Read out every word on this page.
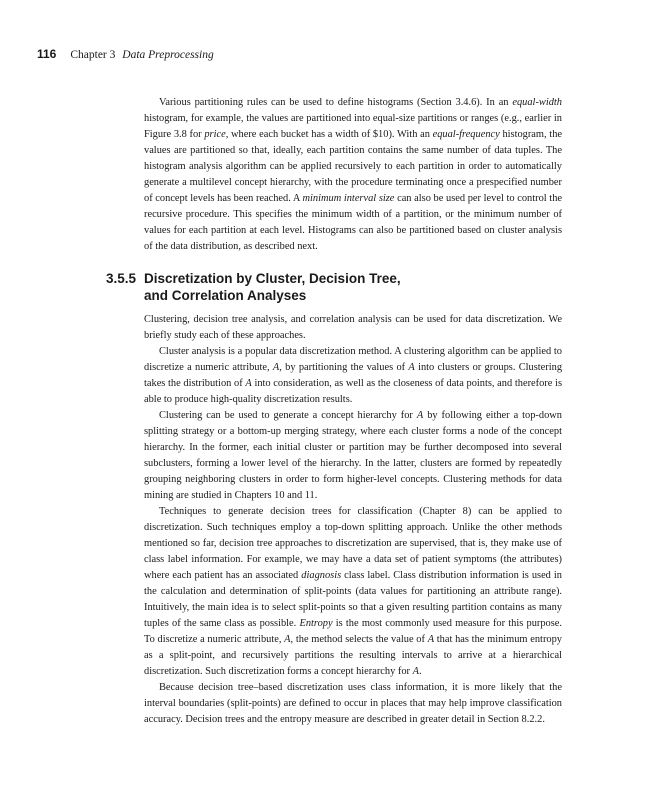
116 Chapter 3 Data Preprocessing

Various partitioning rules can be used to define histograms (Section 3.4.6). In an equal-width histogram, for example, the values are partitioned into equal-size partitions or ranges (e.g., earlier in Figure 3.8 for price, where each bucket has a width of $10). With an equal-frequency histogram, the values are partitioned so that, ideally, each partition contains the same number of data tuples. The histogram analysis algorithm can be applied recursively to each partition in order to automatically generate a multilevel concept hierarchy, with the procedure terminating once a prespecified number of concept levels has been reached. A minimum interval size can also be used per level to control the recursive procedure. This specifies the minimum width of a partition, or the minimum number of values for each partition at each level. Histograms can also be partitioned based on cluster analysis of the data distribution, as described next.

3.5.5 Discretization by Cluster, Decision Tree,
and Correlation Analyses

Clustering, decision tree analysis, and correlation analysis can be used for data discretization. We briefly study each of these approaches.

Cluster analysis is a popular data discretization method. A clustering algorithm can be applied to discretize a numeric attribute, A, by partitioning the values of A into clusters or groups. Clustering takes the distribution of A into consideration, as well as the closeness of data points, and therefore is able to produce high-quality discretization results.

Clustering can be used to generate a concept hierarchy for A by following either a top-down splitting strategy or a bottom-up merging strategy, where each cluster forms a node of the concept hierarchy. In the former, each initial cluster or partition may be further decomposed into several subclusters, forming a lower level of the hierarchy. In the latter, clusters are formed by repeatedly grouping neighboring clusters in order to form higher-level concepts. Clustering methods for data mining are studied in Chapters 10 and 11.

Techniques to generate decision trees for classification (Chapter 8) can be applied to discretization. Such techniques employ a top-down splitting approach. Unlike the other methods mentioned so far, decision tree approaches to discretization are supervised, that is, they make use of class label information. For example, we may have a data set of patient symptoms (the attributes) where each patient has an associated diagnosis class label. Class distribution information is used in the calculation and determination of split-points (data values for partitioning an attribute range). Intuitively, the main idea is to select split-points so that a given resulting partition contains as many tuples of the same class as possible. Entropy is the most commonly used measure for this purpose. To discretize a numeric attribute, A, the method selects the value of A that has the minimum entropy as a split-point, and recursively partitions the resulting intervals to arrive at a hierarchical discretization. Such discretization forms a concept hierarchy for A.

Because decision tree–based discretization uses class information, it is more likely that the interval boundaries (split-points) are defined to occur in places that may help improve classification accuracy. Decision trees and the entropy measure are described in greater detail in Section 8.2.2.
